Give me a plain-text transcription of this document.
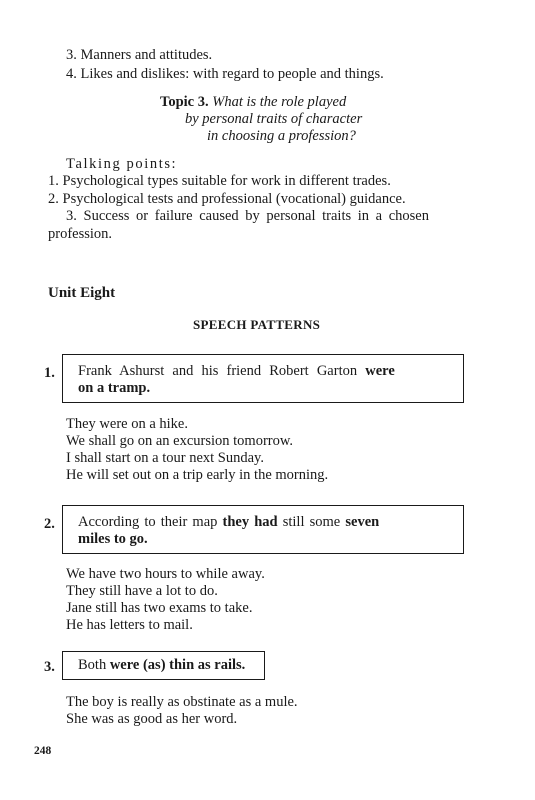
3. Manners and attitudes.
4. Likes and dislikes: with regard to people and things.
Topic 3. What is the role played
by personal traits of character
in choosing a profession?
Talking points:
1. Psychological types suitable for work in different trades.
2. Psychological tests and professional (vocational) guidance.
3. Success or failure caused by personal traits in a chosen
profession.
Unit Eight
SPEECH PATTERNS
1. Frank Ashurst and his friend Robert Garton were
on a tramp.
They were on a hike.
We shall go on an excursion tomorrow.
I shall start on a tour next Sunday.
He will set out on a trip early in the morning.
2. According to their map they had still some seven
miles to go.
We have two hours to while away.
They still have a lot to do.
Jane still has two exams to take.
He has letters to mail.
3. Both were (as) thin as rails.
The boy is really as obstinate as a mule.
She was as good as her word.
248
